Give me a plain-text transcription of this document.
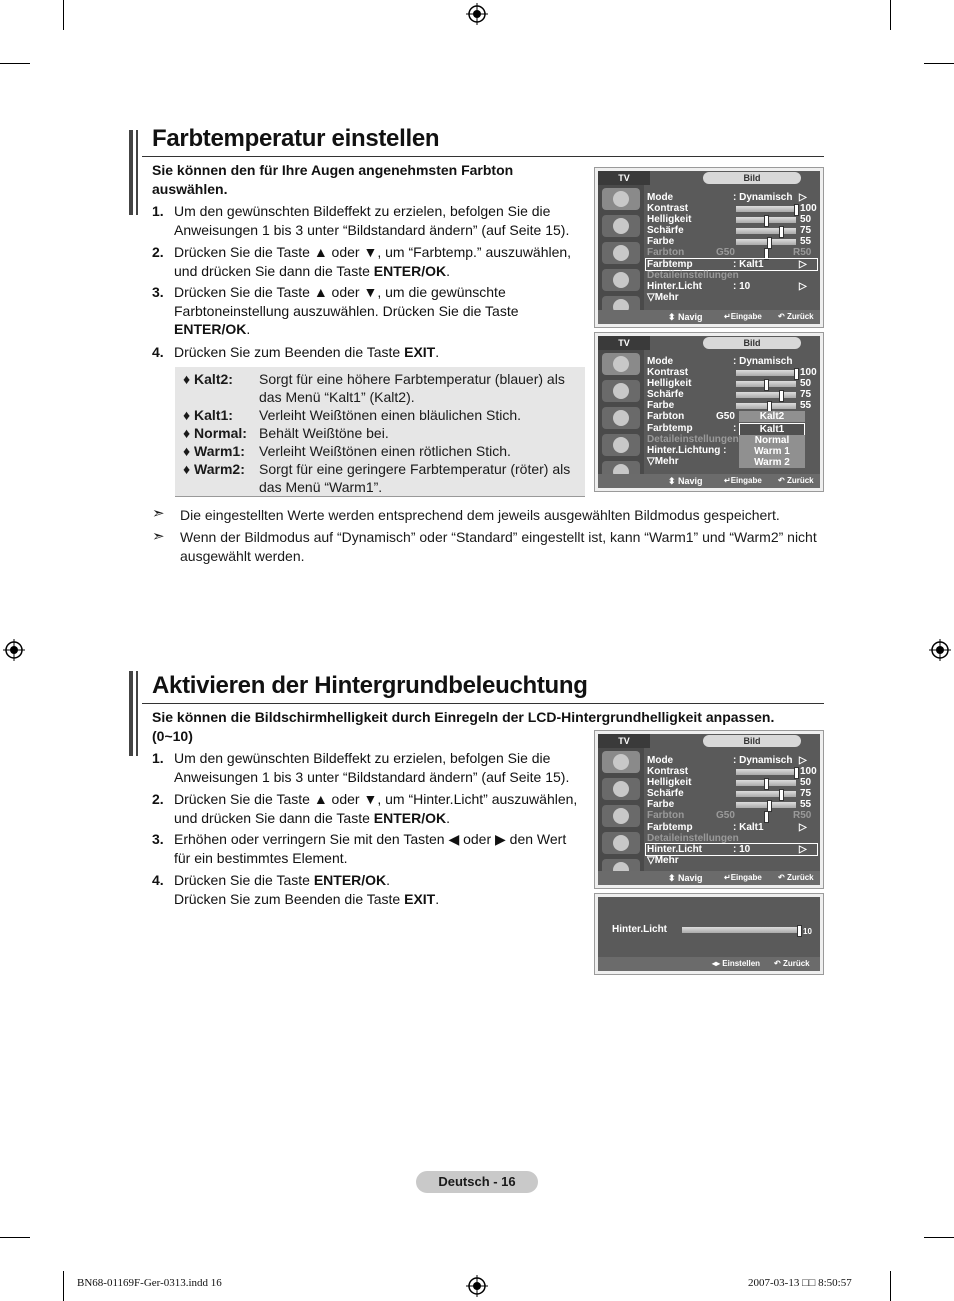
Farbtemperatur einstellen
Sie können den für Ihre Augen angenehmsten Farbton auswählen.
1. Um den gewünschten Bildeffekt zu erzielen, befolgen Sie die Anweisungen 1 bis 3 unter “Bildstandard ändern” (auf Seite 15).
2. Drücken Sie die Taste ▲ oder ▼, um “Farbtemp.” auszuwählen, und drücken Sie dann die Taste ENTER/OK.
3. Drücken Sie die Taste ▲ oder ▼, um die gewünschte Farbtoneinstellung auszuwählen. Drücken Sie die Taste ENTER/OK.
4. Drücken Sie zum Beenden die Taste EXIT.
♦ Kalt2: Sorgt für eine höhere Farbtemperatur (blauer) als das Menü “Kalt1” (Kalt2).
♦ Kalt1: Verleiht Weißtönen einen bläulichen Stich.
♦ Normal: Behält Weißtöne bei.
♦ Warm1: Verleiht Weißtönen einen rötlichen Stich.
♦ Warm2: Sorgt für eine geringere Farbtemperatur (röter) als das Menü “Warm1”.
➣ Die eingestellten Werte werden entsprechend dem jeweils ausgewählten Bildmodus gespeichert.
➣ Wenn der Bildmodus auf “Dynamisch” oder “Standard” eingestellt ist, kann “Warm1” und “Warm2” nicht ausgewählt werden.
TV	Bild
Mode	: Dynamisch ▷
Kontrast	100
Helligkeit	50
Schärfe	75
Farbe	55
Farbton	G50	R50
Farbtemp	: Kalt1	▷
Detaileinstellungen
Hinter.Licht	: 10	▷
▽Mehr
⬍ Navig	↵Eingabe ↶ Zurück
TV	Bild
Mode	: Dynamisch
Kontrast	100
Helligkeit	50
Schärfe	75
Farbe	55
Farbton	G50
Farbtemp	:
Detaileinstellungen
Hinter.Lichtung :
▽Mehr
Kalt2
Kalt1
Normal
Warm 1
Warm 2
⬍ Navig	↵Eingabe ↶ Zurück
Aktivieren der Hintergrundbeleuchtung
Sie können die Bildschirmhelligkeit durch Einregeln der LCD-Hintergrundhelligkeit anpassen. (0~10)
1. Um den gewünschten Bildeffekt zu erzielen, befolgen Sie die Anweisungen 1 bis 3 unter “Bildstandard ändern” (auf Seite 15).
2. Drücken Sie die Taste ▲ oder ▼, um “Hinter.Licht” auszuwählen, und drücken Sie dann die Taste ENTER/OK.
3. Erhöhen oder verringern Sie mit den Tasten ◀ oder ▶ den Wert für ein bestimmtes Element.
4. Drücken Sie die Taste ENTER/OK.
Drücken Sie zum Beenden die Taste EXIT.
TV	Bild
Mode	: Dynamisch ▷
Kontrast	100
Helligkeit	50
Schärfe	75
Farbe	55
Farbton	G50	R50
Farbtemp	: Kalt1	▷
Detaileinstellungen
Hinter.Licht	: 10	▷
▽Mehr
⬍ Navig	↵Eingabe ↶ Zurück
Hinter.Licht	10
◂▸ Einstellen ↶ Zurück
Deutsch - 16
BN68-01169F-Ger-0313.indd 16	2007-03-13 □□ 8:50:57
